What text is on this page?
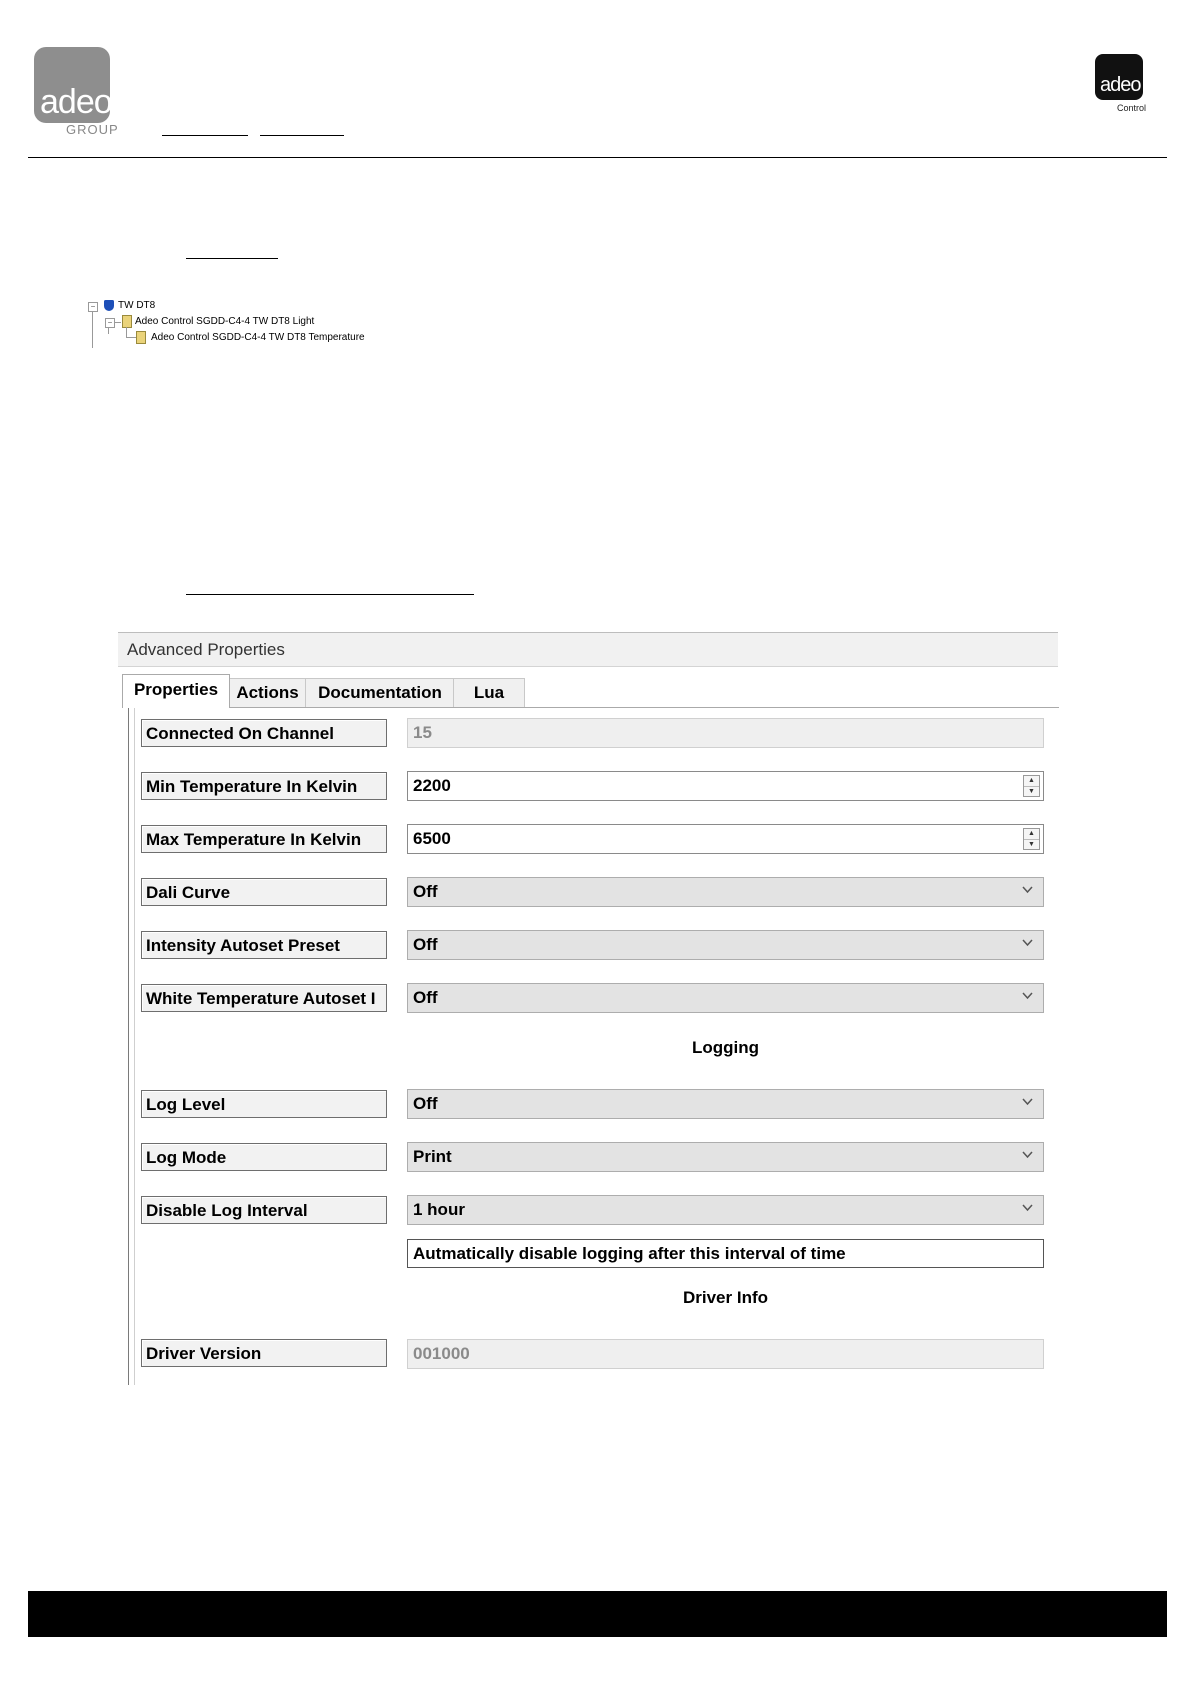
adeo
GROUP
adeo
Control
− TW DT8
− Adeo Control SGDD-C4-4 TW DT8 Light
Adeo Control SGDD-C4-4 TW DT8 Temperature
Advanced Properties
Properties	Actions	Documentation	Lua
Connected On Channel	15
Min Temperature In Kelvin	2200	▲
▼
Max Temperature In Kelvin	6500	▲
▼
Dali Curve	Off
Intensity Autoset Preset	Off
White Temperature Autoset I	Off
Logging
Log Level	Off
Log Mode	Print
Disable Log Interval	1 hour
Autmatically disable logging after this interval of time
Driver Info
Driver Version	001000
